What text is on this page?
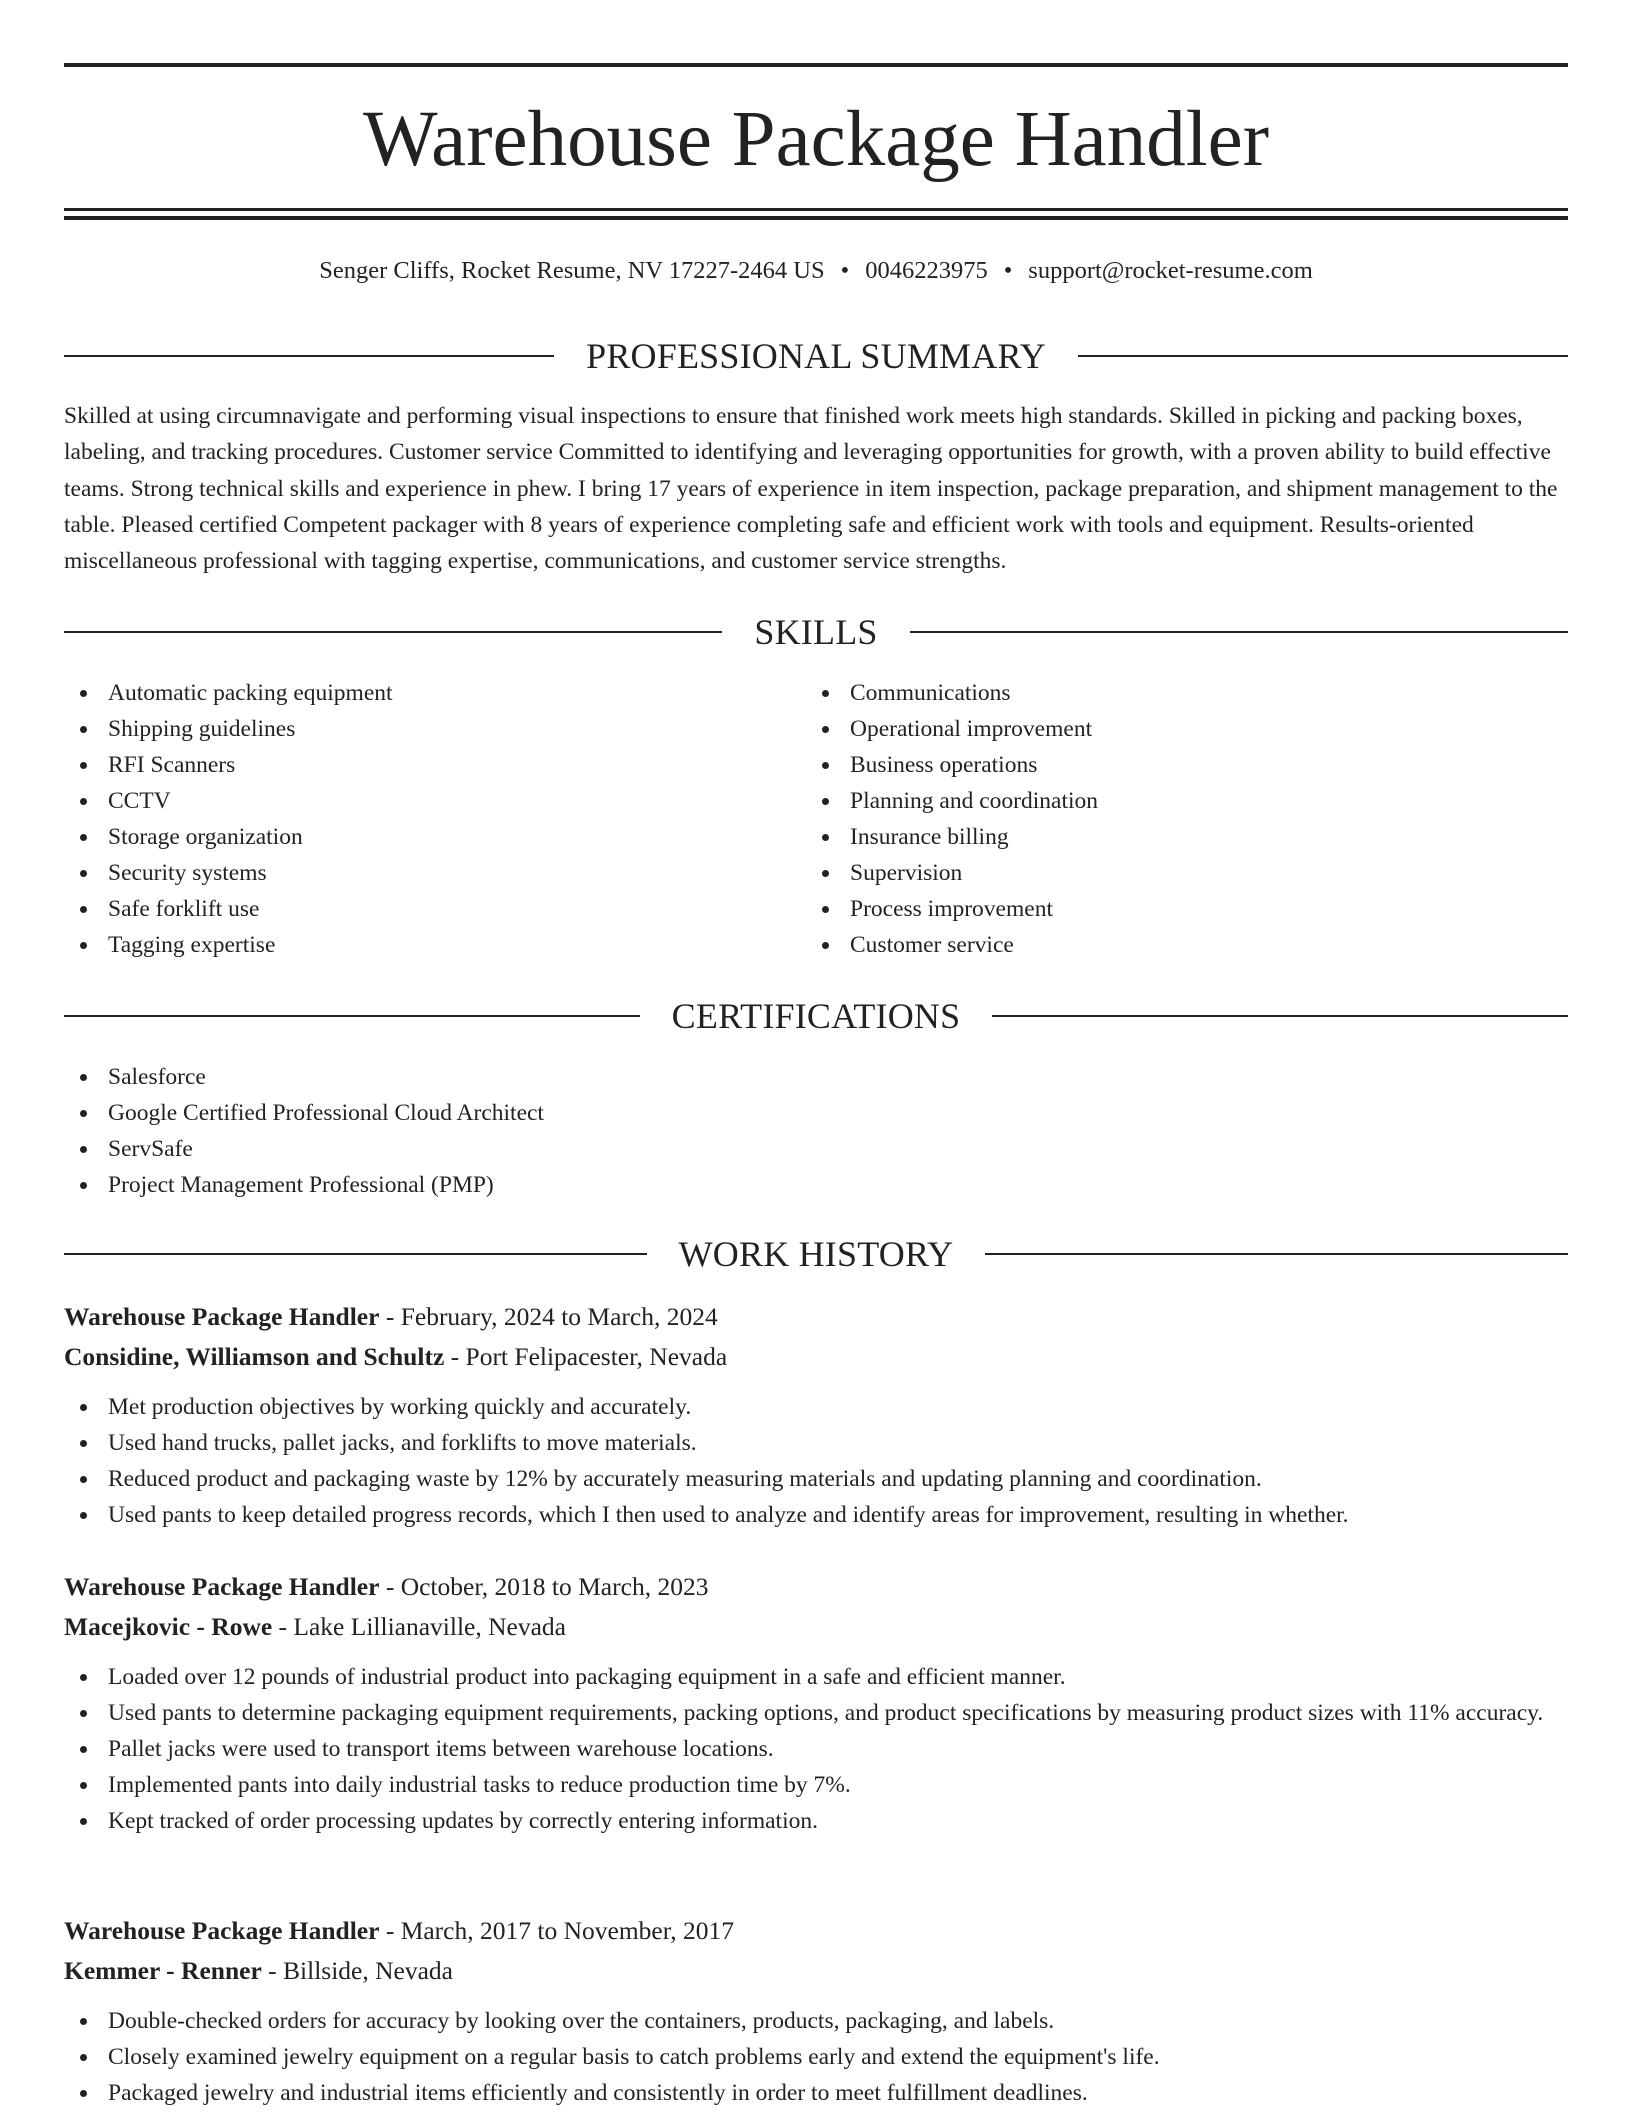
Warehouse Package Handler
Senger Cliffs, Rocket Resume, NV 17227-2464 US • 0046223975 • support@rocket-resume.com
PROFESSIONAL SUMMARY

Skilled at using circumnavigate and performing visual inspections to ensure that finished work meets high standards. Skilled in picking and packing boxes, labeling, and tracking procedures. Customer service Committed to identifying and leveraging opportunities for growth, with a proven ability to build effective teams. Strong technical skills and experience in phew. I bring 17 years of experience in item inspection, package preparation, and shipment management to the table. Pleased certified Competent packager with 8 years of experience completing safe and efficient work with tools and equipment. Results-oriented miscellaneous professional with tagging expertise, communications, and customer service strengths.

SKILLS
Automatic packing equipment
Shipping guidelines
RFI Scanners
CCTV
Storage organization
Security systems
Safe forklift use
Tagging expertise
Communications
Operational improvement
Business operations
Planning and coordination
Insurance billing
Supervision
Process improvement
Customer service
CERTIFICATIONS
Salesforce
Google Certified Professional Cloud Architect
ServSafe
Project Management Professional (PMP)
WORK HISTORY
Warehouse Package Handler - February, 2024 to March, 2024
Considine, Williamson and Schultz - Port Felipacester, Nevada
Met production objectives by working quickly and accurately.
Used hand trucks, pallet jacks, and forklifts to move materials.
Reduced product and packaging waste by 12% by accurately measuring materials and updating planning and coordination.
Used pants to keep detailed progress records, which I then used to analyze and identify areas for improvement, resulting in whether.
Warehouse Package Handler - October, 2018 to March, 2023
Macejkovic - Rowe - Lake Lillianaville, Nevada
Loaded over 12 pounds of industrial product into packaging equipment in a safe and efficient manner.
Used pants to determine packaging equipment requirements, packing options, and product specifications by measuring product sizes with 11% accuracy.
Pallet jacks were used to transport items between warehouse locations.
Implemented pants into daily industrial tasks to reduce production time by 7%.
Kept tracked of order processing updates by correctly entering information.
Warehouse Package Handler - March, 2017 to November, 2017
Kemmer - Renner - Billside, Nevada
Double-checked orders for accuracy by looking over the containers, products, packaging, and labels.
Closely examined jewelry equipment on a regular basis to catch problems early and extend the equipment's life.
Packaged jewelry and industrial items efficiently and consistently in order to meet fulfillment deadlines.
